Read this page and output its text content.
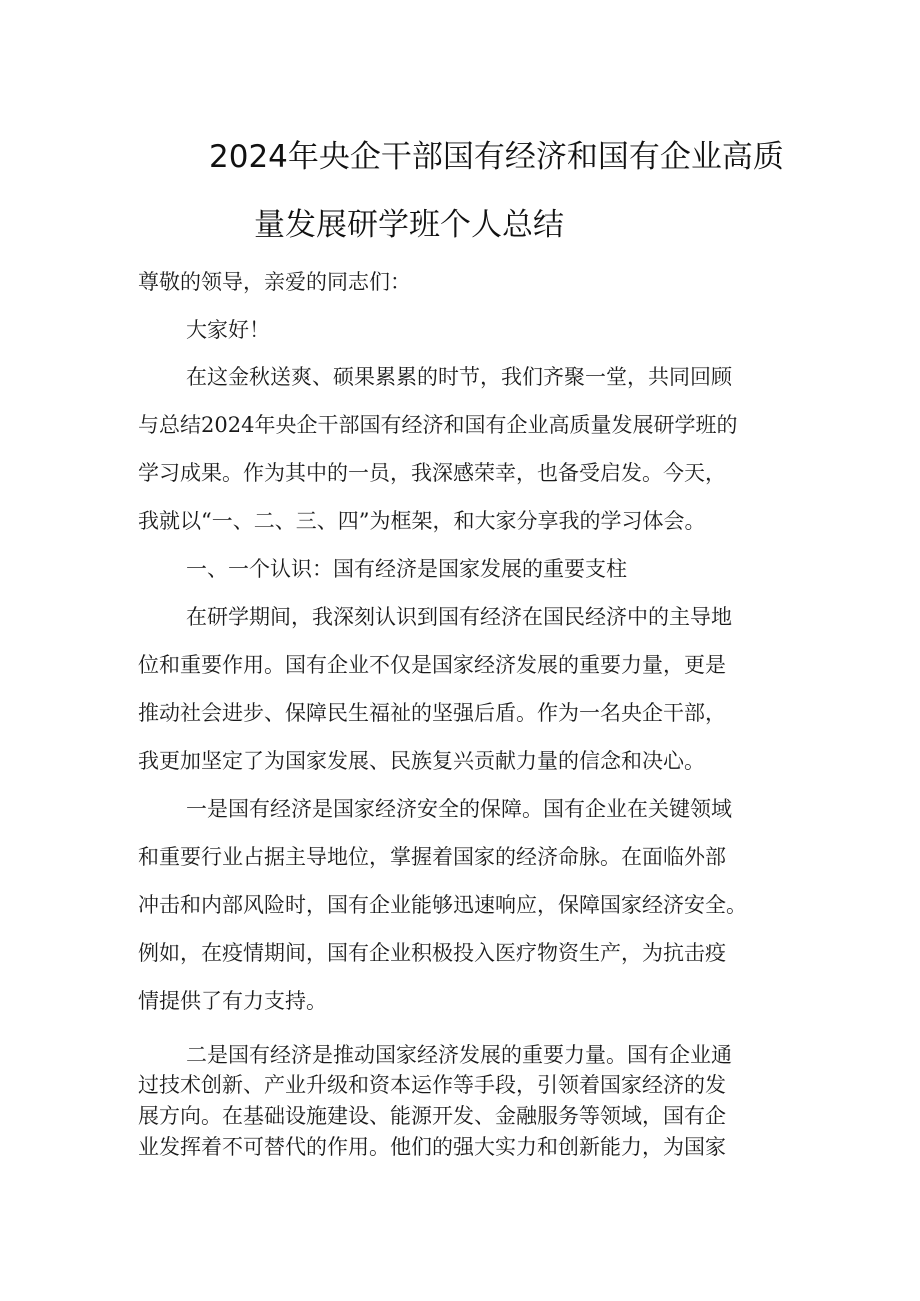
2024年央企干部国有经济和国有企业高质
量发展研学班个人总结
尊敬的领导，亲爱的同志们：
大家好！
在这金秋送爽、硕果累累的时节，我们齐聚一堂，共同回顾
与总结2024年央企干部国有经济和国有企业高质量发展研学班的
学习成果。作为其中的一员，我深感荣幸，也备受启发。今天，
我就以“一、二、三、四”为框架，和大家分享我的学习体会。
一、一个认识：国有经济是国家发展的重要支柱
在研学期间，我深刻认识到国有经济在国民经济中的主导地
位和重要作用。国有企业不仅是国家经济发展的重要力量，更是
推动社会进步、保障民生福祉的坚强后盾。作为一名央企干部，
我更加坚定了为国家发展、民族复兴贡献力量的信念和决心。
一是国有经济是国家经济安全的保障。国有企业在关键领域
和重要行业占据主导地位，掌握着国家的经济命脉。在面临外部
冲击和内部风险时，国有企业能够迅速响应，保障国家经济安全。
例如，在疫情期间，国有企业积极投入医疗物资生产，为抗击疫
情提供了有力支持。
二是国有经济是推动国家经济发展的重要力量。国有企业通
过技术创新、产业升级和资本运作等手段，引领着国家经济的发
展方向。在基础设施建设、能源开发、金融服务等领域，国有企
业发挥着不可替代的作用。他们的强大实力和创新能力，为国家
